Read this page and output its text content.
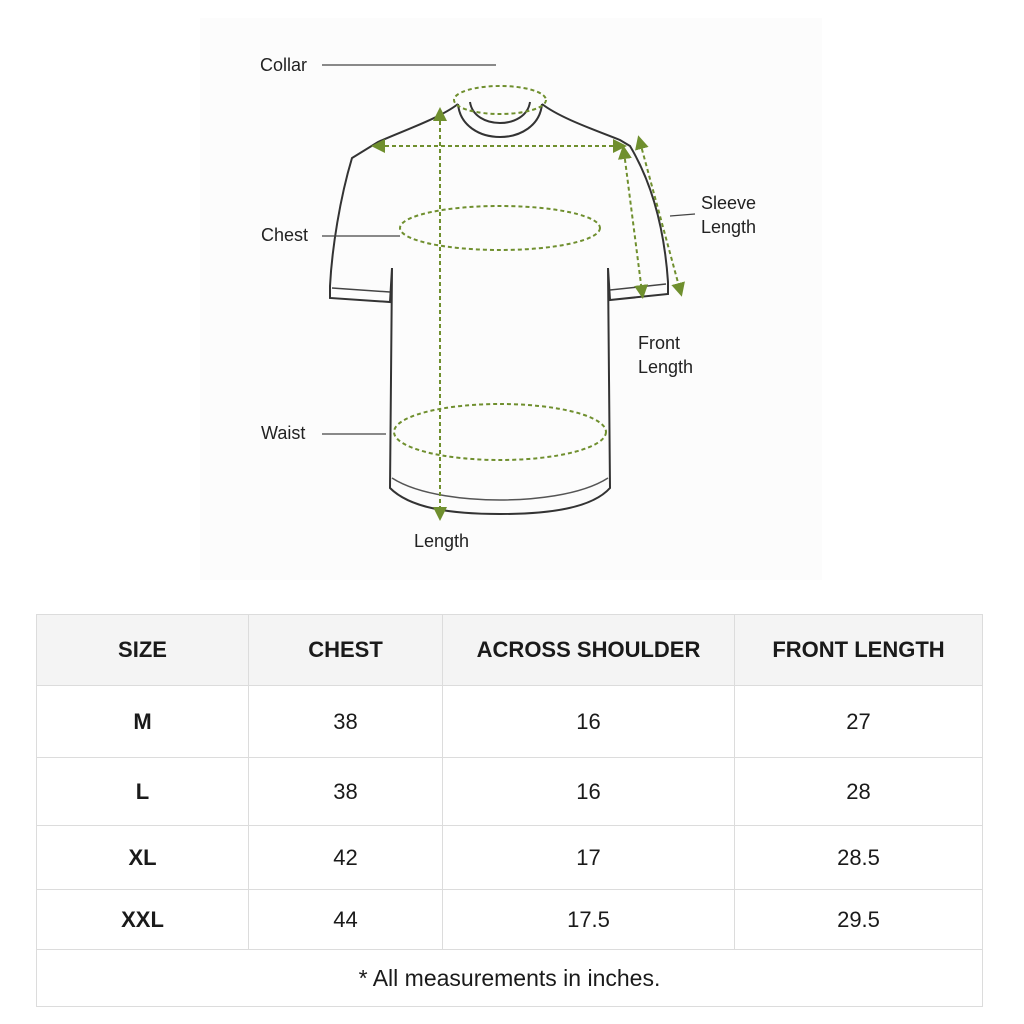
Collar
Chest
Waist
Length
Sleeve
Length
Front
Length
SIZE	CHEST	ACROSS SHOULDER	FRONT LENGTH
M	38	16	27
L	38	16	28
XL	42	17	28.5
XXL	44	17.5	29.5
* All measurements in inches.			
